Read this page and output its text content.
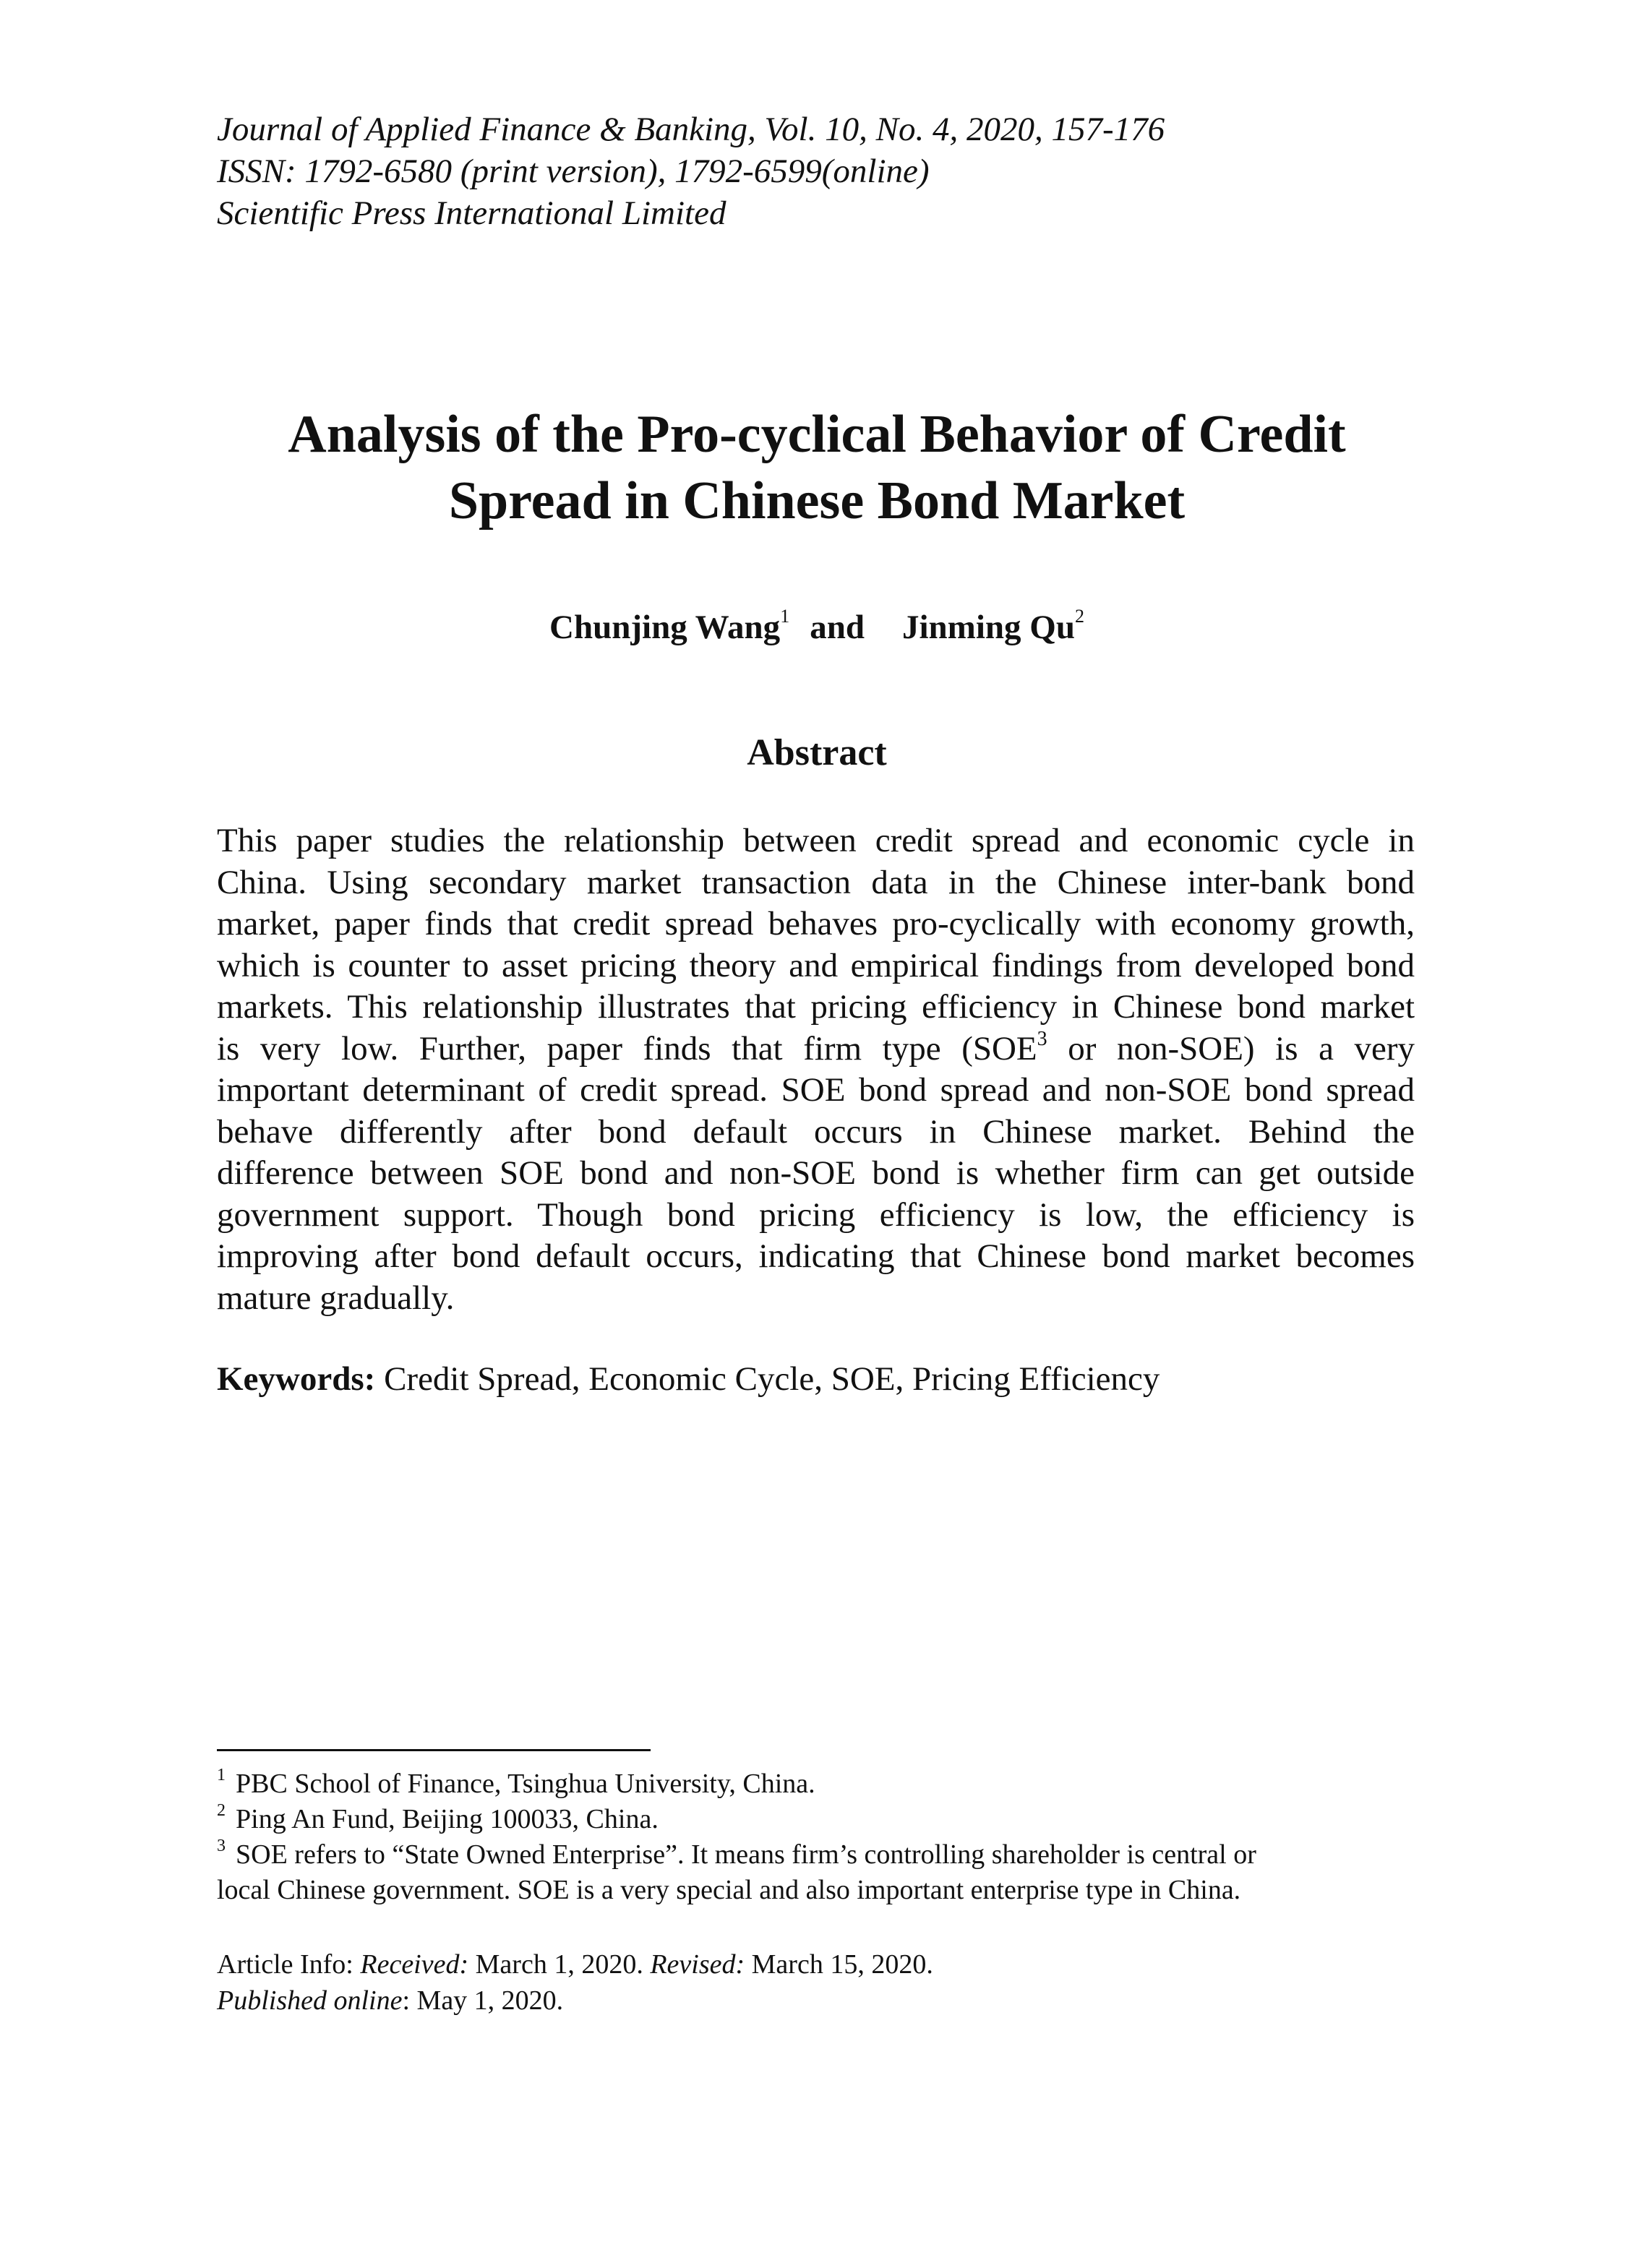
Journal of Applied Finance & Banking, Vol. 10, No. 4, 2020, 157-176
ISSN: 1792-6580 (print version), 1792-6599(online)
Scientific Press International Limited
Analysis of the Pro-cyclical Behavior of Credit
Spread in Chinese Bond Market
Chunjing Wang$^1$ and Jinming Qu$^2$
Abstract
This paper studies the relationship between credit spread and economic cycle in
China. Using secondary market transaction data in the Chinese inter-bank bond
market, paper finds that credit spread behaves pro-cyclically with economy growth,
which is counter to asset pricing theory and empirical findings from developed bond
markets. This relationship illustrates that pricing efficiency in Chinese bond market
is very low. Further, paper finds that firm type (SOE$^3$ or non-SOE) is a very
important determinant of credit spread. SOE bond spread and non-SOE bond spread
behave differently after bond default occurs in Chinese market. Behind the
difference between SOE bond and non-SOE bond is whether firm can get outside
government support. Though bond pricing efficiency is low, the efficiency is
improving after bond default occurs, indicating that Chinese bond market becomes
mature gradually.
Keywords: Credit Spread, Economic Cycle, SOE, Pricing Efficiency
$^1$ PBC School of Finance, Tsinghua University, China.
$^2$ Ping An Fund, Beijing 100033, China.
$^3$ SOE refers to “State Owned Enterprise”. It means firm’s controlling shareholder is central or
local Chinese government. SOE is a very special and also important enterprise type in China.
Article Info: Received: March 1, 2020. Revised: March 15, 2020.
Published online: May 1, 2020.
